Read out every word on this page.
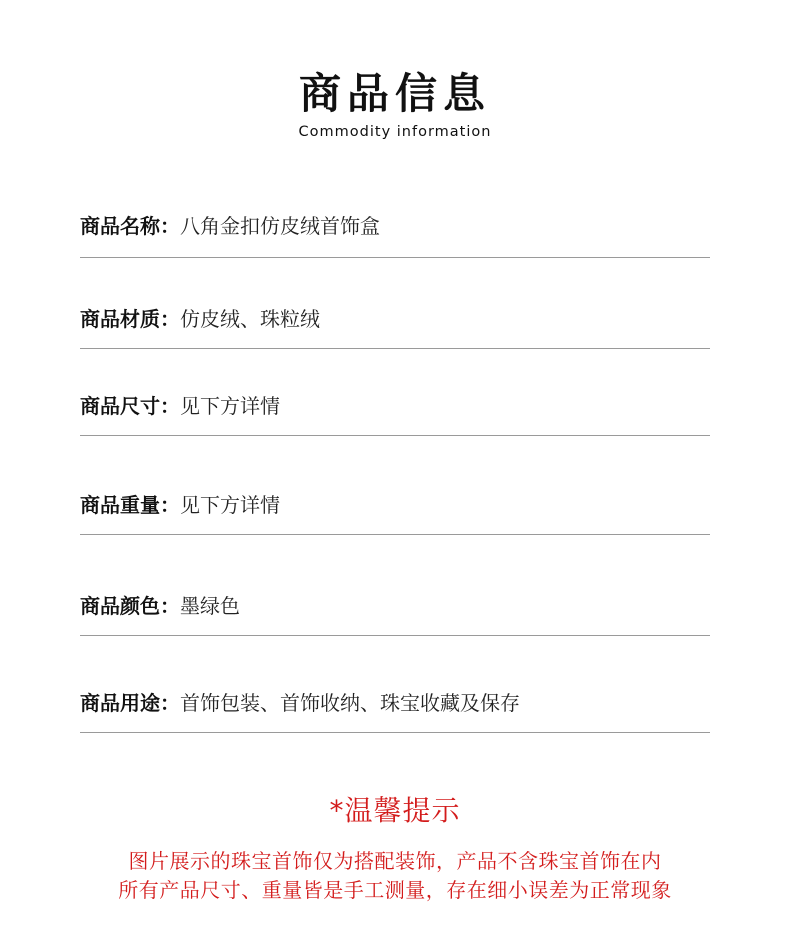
商品信息
Commodity information
商品名称：八角金扣仿皮绒首饰盒
商品材质：仿皮绒、珠粒绒
商品尺寸：见下方详情
商品重量：见下方详情
商品颜色：墨绿色
商品用途：首饰包装、首饰收纳、珠宝收藏及保存
*温馨提示
图片展示的珠宝首饰仅为搭配装饰，产品不含珠宝首饰在内
所有产品尺寸、重量皆是手工测量，存在细小误差为正常现象
